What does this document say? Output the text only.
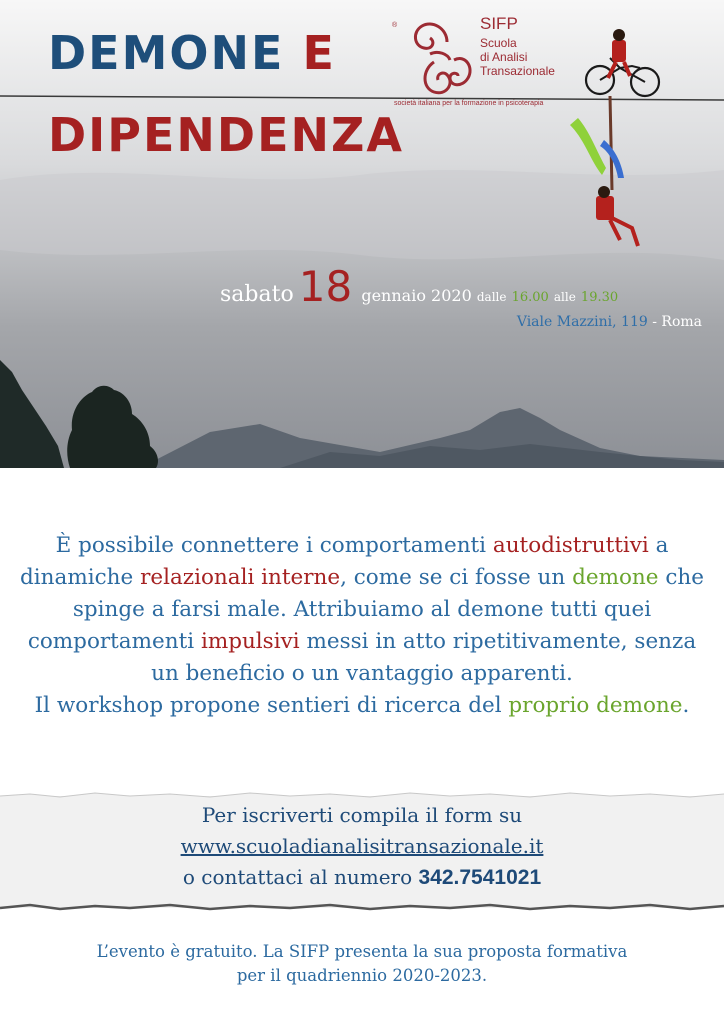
DEMONE E
DIPENDENZA
®	SIFP
Scuola
di Analisi
Transazionale
società italiana per la formazione in psicoterapia
sabato 18 gennaio 2020 dalle 16.00 alle 19.30
Viale Mazzini, 119 - Roma

È possibile connettere i comportamenti autodistruttivi a dinamiche relazionali interne, come se ci fosse un demone che spinge a farsi male. Attribuiamo al demone tutti quei comportamenti impulsivi messi in atto ripetitivamente, senza un beneficio o un vantaggio apparenti.
Il workshop propone sentieri di ricerca del proprio demone.

Per iscriverti compila il form su
www.scuoladianalisitransazionale.it
o contattaci al numero 342.7541021

L’evento è gratuito. La SIFP presenta la sua proposta formativa
per il quadriennio 2020-2023.
